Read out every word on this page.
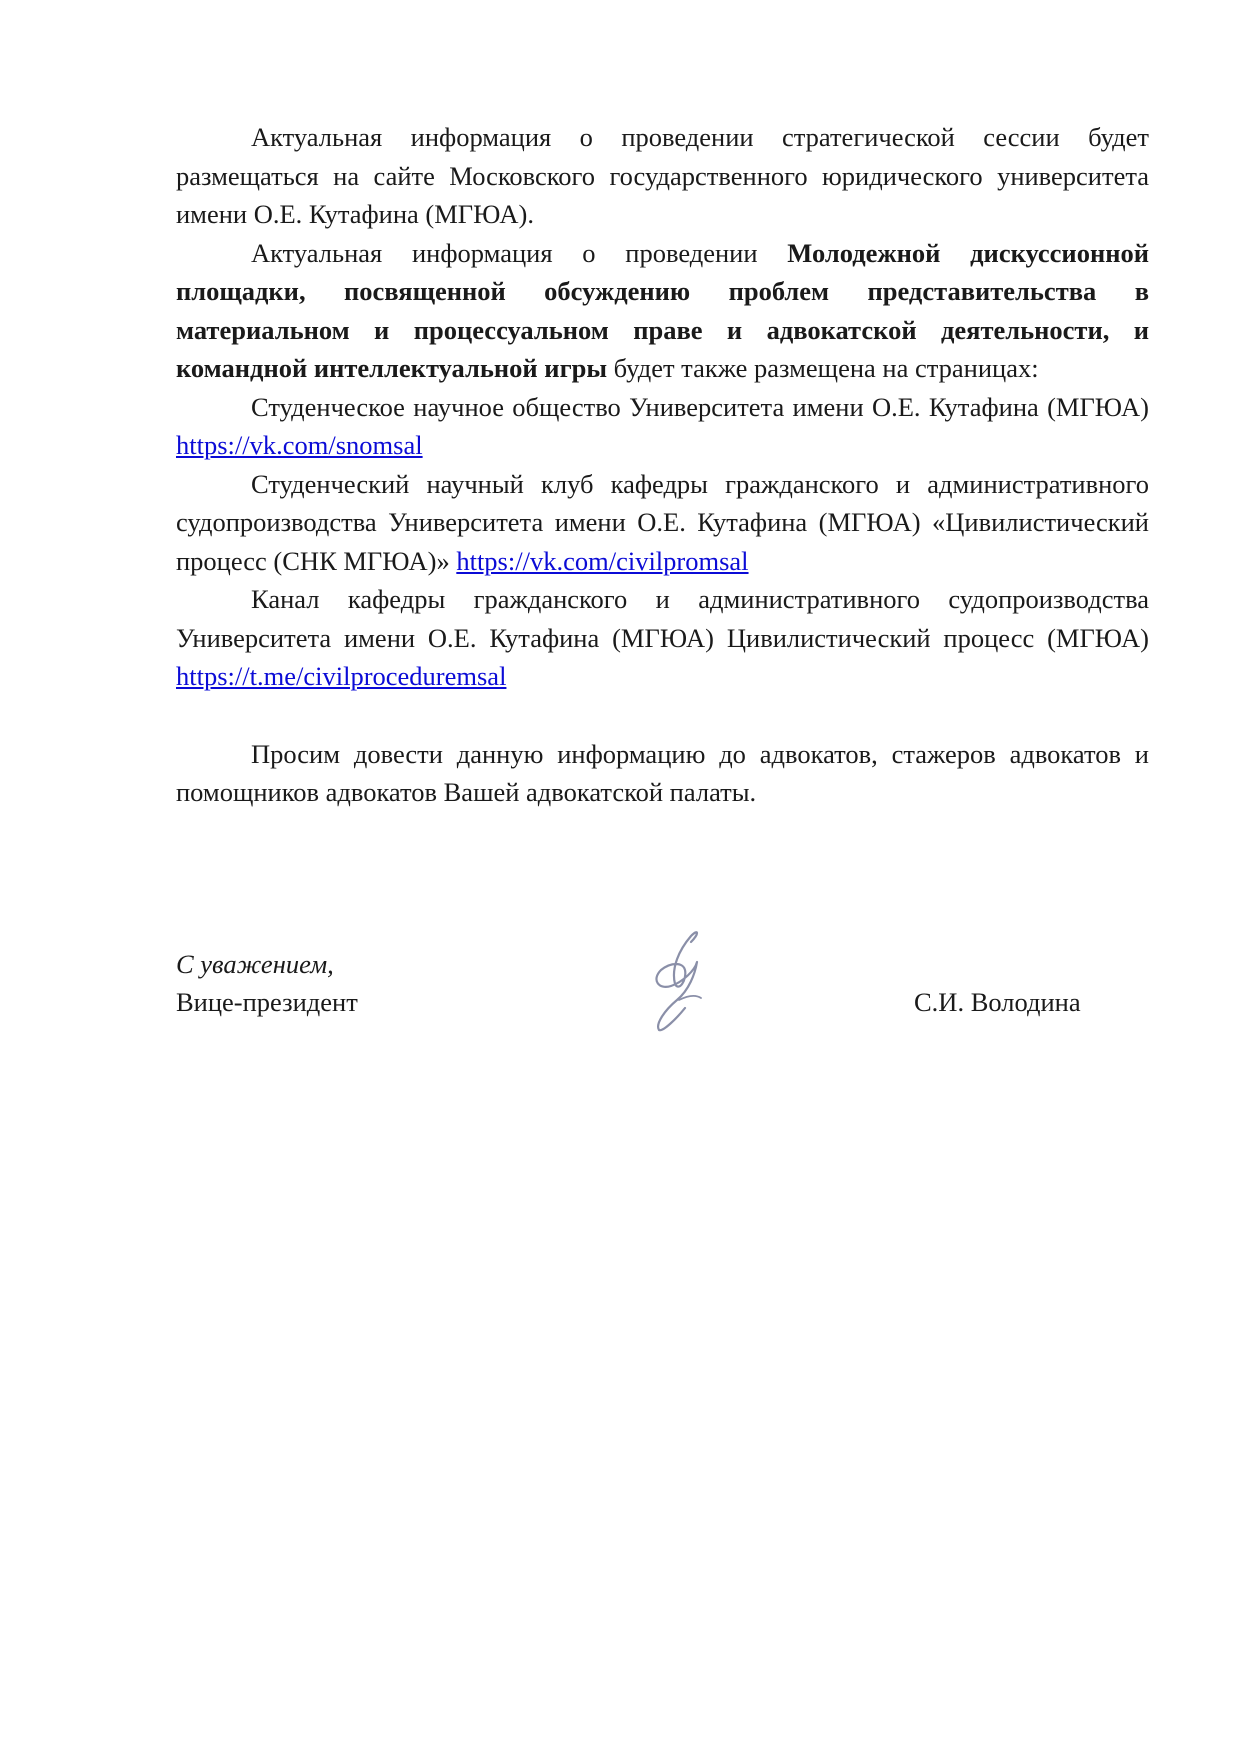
Актуальная информация о проведении стратегической сессии будет размещаться на сайте Московского государственного юридического университета имени О.Е. Кутафина (МГЮА).

Актуальная информация о проведении Молодежной дискуссионной площадки, посвященной обсуждению проблем представительства в материальном и процессуальном праве и адвокатской деятельности, и командной интеллектуальной игры будет также размещена на страницах:

Студенческое научное общество Университета имени О.Е. Кутафина (МГЮА) https://vk.com/snomsal

Студенческий научный клуб кафедры гражданского и административного судопроизводства Университета имени О.Е. Кутафина (МГЮА) «Цивилистический процесс (СНК МГЮА)» https://vk.com/civilpromsal

Канал кафедры гражданского и административного судопроизводства Университета имени О.Е. Кутафина (МГЮА) Цивилистический процесс (МГЮА) https://t.me/civilproceduremsal

Просим довести данную информацию до адвокатов, стажеров адвокатов и помощников адвокатов Вашей адвокатской палаты.

С уважением,
Вице-президент	С.И. Володина
